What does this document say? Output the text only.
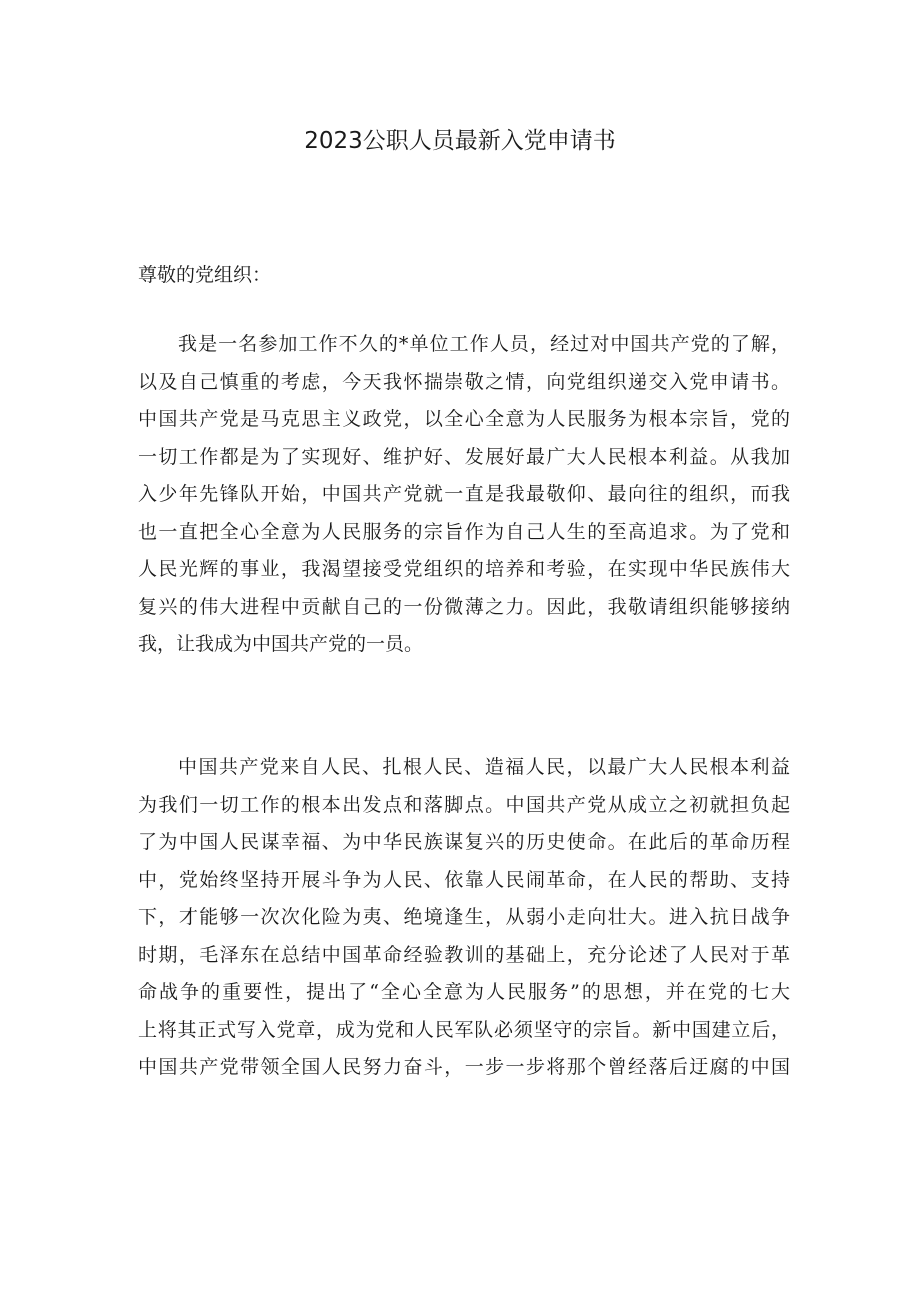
2023公职人员最新入党申请书

尊敬的党组织：

我是一名参加工作不久的*单位工作人员，经过对中国共产党的了解，
以及自己慎重的考虑，今天我怀揣崇敬之情，向党组织递交入党申请书。
中国共产党是马克思主义政党，以全心全意为人民服务为根本宗旨，党的
一切工作都是为了实现好、维护好、发展好最广大人民根本利益。从我加
入少年先锋队开始，中国共产党就一直是我最敬仰、最向往的组织，而我
也一直把全心全意为人民服务的宗旨作为自己人生的至高追求。为了党和
人民光辉的事业，我渴望接受党组织的培养和考验，在实现中华民族伟大
复兴的伟大进程中贡献自己的一份微薄之力。因此，我敬请组织能够接纳
我，让我成为中国共产党的一员。
中国共产党来自人民、扎根人民、造福人民，以最广大人民根本利益
为我们一切工作的根本出发点和落脚点。中国共产党从成立之初就担负起
了为中国人民谋幸福、为中华民族谋复兴的历史使命。在此后的革命历程
中，党始终坚持开展斗争为人民、依靠人民闹革命，在人民的帮助、支持
下，才能够一次次化险为夷、绝境逢生，从弱小走向壮大。进入抗日战争
时期，毛泽东在总结中国革命经验教训的基础上，充分论述了人民对于革
命战争的重要性，提出了“全心全意为人民服务”的思想，并在党的七大
上将其正式写入党章，成为党和人民军队必须坚守的宗旨。新中国建立后，
中国共产党带领全国人民努力奋斗，一步一步将那个曾经落后迂腐的中国
